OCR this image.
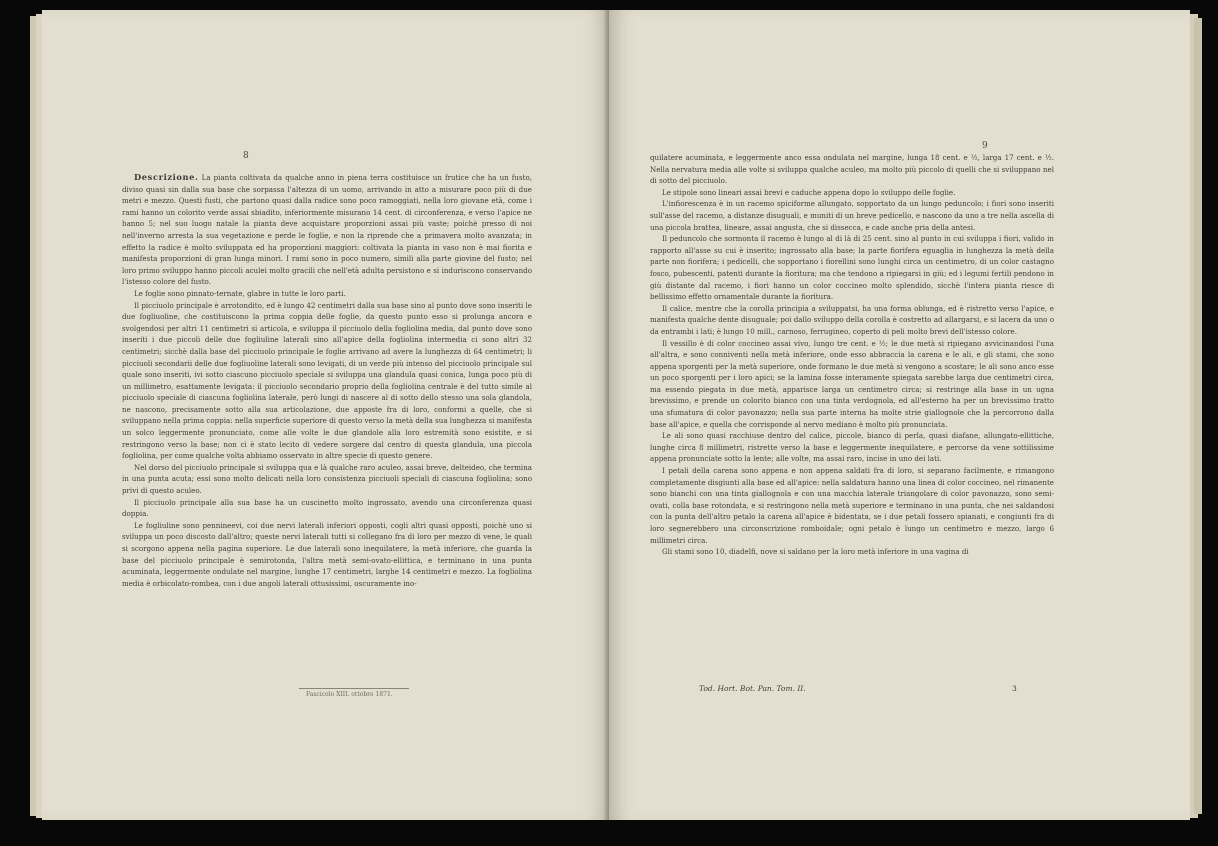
8

Descrizione. La pianta coltivata da qualche anno in piena terra costituisce un frutice che ha un fusto, diviso quasi sin dalla sua base che sorpassa l'altezza di un uomo, arrivando in atto a misurare poco più di due metri e mezzo. Questi fusti, che partono quasi dalla radice sono poco ramoggiati, nella loro giovane età, come i rami hanno un colorito verde assai sbiadito, inferiormente misurano 14 cent. di circonferenza, e verso l'apice ne hanno 5; nel suo luogo natale la pianta deve acquistare proporzioni assai più vaste; poichè presso di noi nell'inverno arresta la sua vegetazione e perde le foglie, e non la riprende che a primavera molto avanzata; in effetto la radice è molto sviluppata ed ha proporzioni maggiori: coltivata la pianta in vaso non è mai fiorita e manifesta proporzioni di gran lunga minori. I rami sono in poco numero, simili alla parte giovine del fusto; nel loro primo sviluppo hanno piccoli aculei molto gracili che nell'età adulta persistono e si induriscono conservando l'istesso colore del fusto.

Le foglie sono pinnato-ternate, glabre in tutte le loro parti.

Il picciuolo principale è arrotondito, ed è lungo 42 centimetri dalla sua base sino al punto dove sono inseriti le due fogliuoline, che costituiscono la prima coppia delle foglie, da questo punto esso si prolunga ancora e svolgendosi per altri 11 centimetri si articola, e sviluppa il picciuolo della fogliolina media, dal punto dove sono inseriti i due piccoli delle due fogliuline laterali sino all'apice della fogliolina intermedia ci sono altri 32 centimetri; sicchè dalla base del picciuolo principale le foglie arrivano ad avere la lunghezza di 64 centimetri; li picciuoli secondarii delle due fogliuoline laterali sono levigati, di un verde più intenso del picciuolo principale sul quale sono inseriti, ivi sotto ciascuno picciuolo speciale si sviluppa una glandula quasi conica, lunga poco più di un millimetro, esattamente levigata: il picciuolo secondario proprio della fogliolina centrale è del tutto simile al picciuolo speciale di ciascuna fogliolina laterale, però lungi di nascere al di sotto dello stesso una sola glandola, ne nascono, precisamente sotto alla sua articolazione, due apposte fra di loro, conformi a quelle, che si sviluppano nella prima coppia: nella superficie superiore di questo verso la metà della sua lunghezza si manifesta un solco leggermente pronunciato, come alle volte le due glandole alla loro estremità sono esistite, e si restringono verso la base; non ci è stato lecito di vedere sorgere dal centro di questa glandula, una piccola fogliolina, per come qualche volta abbiamo osservato in altre specie di questo genere.

Nel dorso del picciuolo principale si sviluppa qua e là qualche raro aculeo, assai breve, delteideo, che termina in una punta acuta; essi sono molto delicati nella loro consistenza picciuoli speciali di ciascuna fogliolina; sono privi di questo aculeo.

Il picciuolo principale alla sua base ha un cuscinetto molto ingrossato, avendo una circonferenza quasi doppia.

Le fogliuline sono pennineevi, coi due nervi laterali inferiori opposti, cogli altri quasi opposti, poichè uno si sviluppa un poco discosto dall'altro; queste nervi laterali tutti si collegano fra di loro per mezzo di vene, le quali si scorgono appena nella pagina superiore. Le due laterali sono inequilatere, la metà inferiore, che guarda la base del picciuolo principale è semirotonda, l'altra metà semi-ovato-ellittica, e terminano in una punta acuminata, leggermente ondulate nel margine, lunghe 17 centimetri, larghe 14 centimetri e mezzo. La fogliolina media è orbicolato-rombea, con i due angoli laterali ottusissimi, oscuramente ino-

Fascicolo XIII. ottobre 1871.
9

quilatere acuminata, e leggermente anco essa ondulata nel margine, lunga 18 cent. e ½, larga 17 cent. e ½. Nella nervatura media alle volte si sviluppa qualche aculeo, ma molto più piccolo di quelli che si sviluppano nel di sotto del picciuolo.

Le stipole sono lineari assai brevi e caduche appena dopo lo sviluppo delle foglie.

L'infiorescenza è in un racemo spiciforme allungato, sopportato da un lungo peduncolo; i fiori sono inseriti sull'asse del racemo, a distanze disuguali, e muniti di un breve pedicello, e nascono da uno a tre nella ascella di una piccola brattea, lineare, assai angusta, che si dissecca, e cade anche pria della antesi.

Il peduncolo che sormonta il racemo è lungo al di là di 25 cent. sino al punto in cui sviluppa i fiori, valido in rapporto all'asse su cui è inserito; ingrossato alla base; la parte fiorifera eguaglia in lunghezza la metà della parte non fiorifera; i pedicelli, che sopportano i fiorellini sono lunghi circa un centimetro, di un color castagno fosco, pubescenti, patenti durante la fioritura; ma che tendono a ripiegarsi in giù; ed i legumi fertili pendono in giù distante dal racemo, i fiori hanno un color coccineo molto splendido, sicchè l'intera pianta riesce di bellissimo effetto ornamentale durante la fioritura.

Il calice, mentre che la corolla principia a sviluppatsi, ha una forma oblunga, ed è ristretto verso l'apice, e manifesta qualche dente disuguale; poi dallo sviluppo della corolla è costretto ad allargarsi, e si lacera da uno o da entrambi i lati; è lungo 10 mill., carnoso, ferrugineo, coperto di peli molto brevi dell'istesso colore.

Il vessillo è di color coccineo assai vivo, lungo tre cent. e ½; le due metà si ripiegano avvicinandosi l'una all'altra, e sono conniventi nella metà inferiore, onde esso abbraccia la carena e le ali, e gli stami, che sono appena sporgenti per la metà superiore, onde formano le due metà si vengono a scostare; le ali sono anco esse un poco sporgenti per i loro apici; se la lamina fosse interamente spiegata sarebbe larga due centimetri circa, ma essendo piegata in due metà, apparisce larga un centimetro circa; si restringe alla base in un ugna brevissimo, e prende un colorito bianco con una tinta verdognola, ed all'esterno ha per un brevissimo tratto una sfumatura di color pavonazzo; nella sua parte interna ha molte strie giallognole che la percorrono dalla base all'apice, e quella che corrisponde al nervo mediano è molto più pronunciata.

Le ali sono quasi racchiuse dentro del calice, piccole, bianco di perla, quasi diafane, allungato-ellittiche, lunghe circa 8 millimetri, ristrette verso la base e leggermente inequilatere, e percorse da vene sottilissime appena pronunciate sotto la lente; alle volte, ma assai raro, incise in uno dei lati.

I petali della carena sono appena e non appena saldati fra di loro, si separano facilmente, e rimangono completamente disgiunti alla base ed all'apice: nella saldatura hanno una linea di color coccineo, nel rimanente sono bianchi con una tinta giallognola e con una macchia laterale triangolare di color pavonazzo, sono semi-ovati, colla base rotondata, e si restringono nella metà superiore e terminano in una punta, che nei saldandosi con la punta dell'altro petalo la carena all'apice è bidentata, se i due petali fossero spianati, e congiunti fra di loro segnerebbero una circonscrizione romboidale; ogni petalo è lungo un centimetro e mezzo, largo 6 millimetri circa.

Gli stami sono 10, diadelfi, nove si saldano per la loro metà inferiore in una vagina di

Tod. Hort. Bot. Pan. Tom. II.	3
